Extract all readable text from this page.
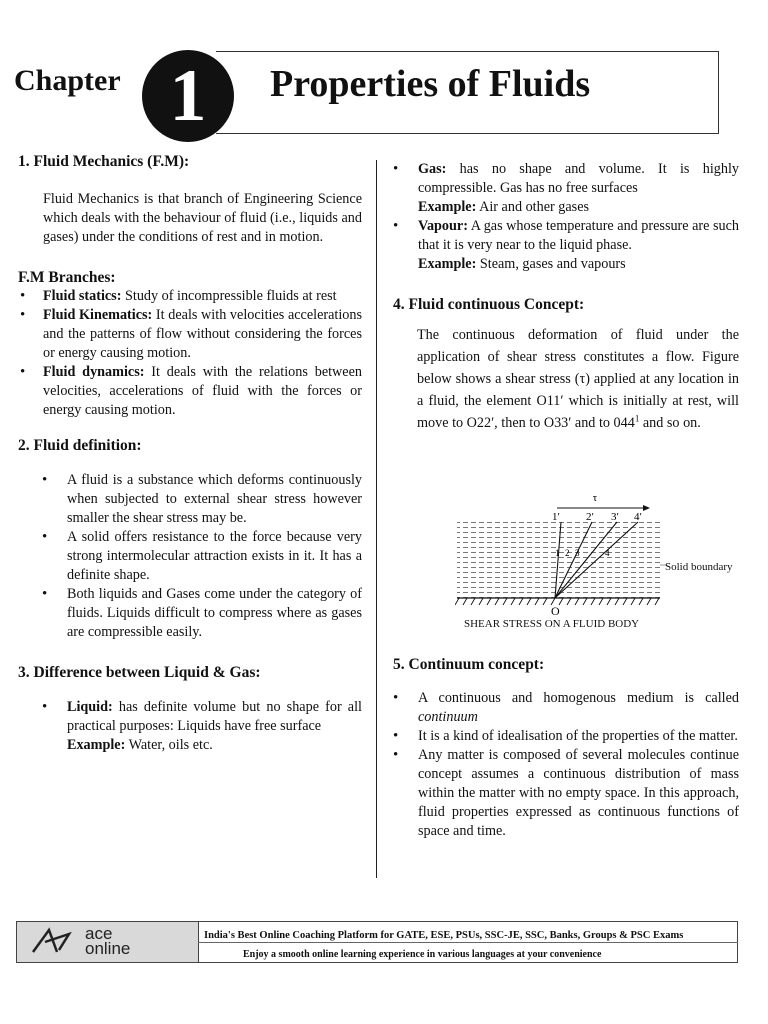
Chapter 1	Properties of Fluids
1. Fluid Mechanics (F.M):

Fluid Mechanics is that branch of Engineering Science which deals with the behaviour of fluid (i.e., liquids and gases) under the conditions of rest and in motion.

F.M Branches:
• Fluid statics: Study of incompressible fluids at rest
• Fluid Kinematics: It deals with velocities accelerations and the patterns of flow without considering the forces or energy causing motion.
• Fluid dynamics: It deals with the relations between velocities, accelerations of fluid with the forces or energy causing motion.
2. Fluid definition:
• A fluid is a substance which deforms continuously when subjected to external shear stress however smaller the shear stress may be.
• A solid offers resistance to the force because very strong intermolecular attraction exists in it. It has a definite shape.
• Both liquids and Gases come under the category of fluids. Liquids difficult to compress where as gases are compressible easily.
3. Difference between Liquid & Gas:
• Liquid: has definite volume but no shape for all practical purposes: Liquids have free surface
Example: Water, oils etc.
• Gas: has no shape and volume. It is highly compressible. Gas has no free surfaces
Example: Air and other gases
• Vapour: A gas whose temperature and pressure are such that it is very near to the liquid phase.
Example: Steam, gases and vapours
4. Fluid continuous Concept:

The continuous deformation of fluid under the application of shear stress constitutes a flow. Figure below shows a shear stress (τ) applied at any location in a fluid, the element O11′ which is initially at rest, will move to O22′, then to O33′ and to $044^1$ and so on.

τ
1′ 2′ 3′ 4′
1 2 3	4
O
Solid boundary
SHEAR STRESS ON A FLUID BODY
5. Continuum concept:
• A continuous and homogenous medium is called continuum
• It is a kind of idealisation of the properties of the matter.
• Any matter is composed of several molecules continue concept assumes a continuous distribution of mass within the matter with no empty space. In this approach, fluid properties expressed as continuous functions of space and time.
ace
online
India's Best Online Coaching Platform for GATE, ESE, PSUs, SSC-JE, SSC, Banks, Groups & PSC Exams
Enjoy a smooth online learning experience in various languages at your convenience
